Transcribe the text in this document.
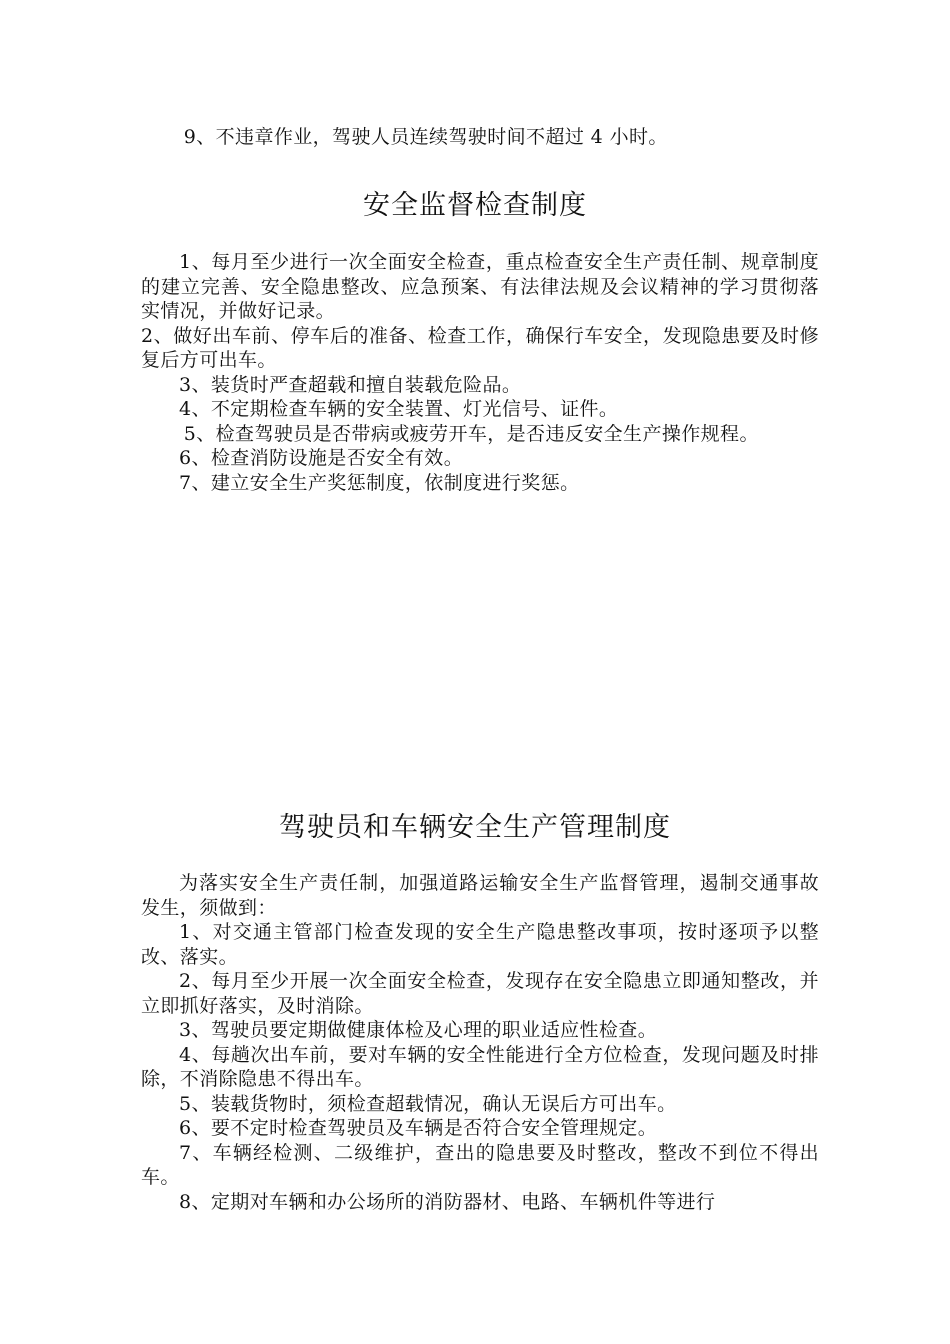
9、不违章作业，驾驶人员连续驾驶时间不超过 4 小时。

安全监督检查制度

1、每月至少进行一次全面安全检查，重点检查安全生产责任制、规章制度的建立完善、安全隐患整改、应急预案、有法律法规及会议精神的学习贯彻落实情况，并做好记录。

2、做好出车前、停车后的准备、检查工作，确保行车安全，发现隐患要及时修复后方可出车。

3、装货时严查超载和擅自装载危险品。

4、不定期检查车辆的安全装置、灯光信号、证件。

5、检查驾驶员是否带病或疲劳开车，是否违反安全生产操作规程。

6、检查消防设施是否安全有效。

7、建立安全生产奖惩制度，依制度进行奖惩。

驾驶员和车辆安全生产管理制度

为落实安全生产责任制，加强道路运输安全生产监督管理，遏制交通事故发生，须做到：

1、对交通主管部门检查发现的安全生产隐患整改事项，按时逐项予以整改、落实。

2、每月至少开展一次全面安全检查，发现存在安全隐患立即通知整改，并立即抓好落实，及时消除。

3、驾驶员要定期做健康体检及心理的职业适应性检查。

4、每趟次出车前，要对车辆的安全性能进行全方位检查，发现问题及时排除，不消除隐患不得出车。

5、装载货物时，须检查超载情况，确认无误后方可出车。

6、要不定时检查驾驶员及车辆是否符合安全管理规定。

7、车辆经检测、二级维护，查出的隐患要及时整改，整改不到位不得出车。

8、定期对车辆和办公场所的消防器材、电路、车辆机件等进行
